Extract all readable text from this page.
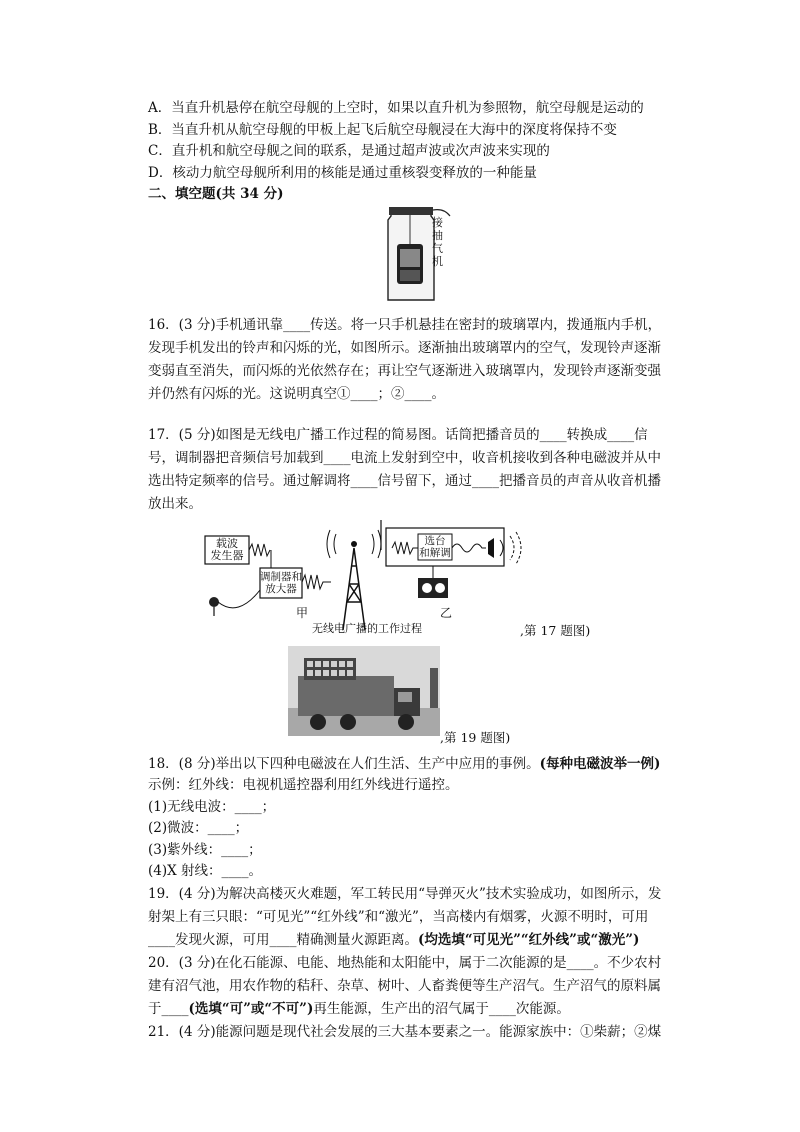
A．当直升机悬停在航空母舰的上空时，如果以直升机为参照物，航空母舰是运动的

B．当直升机从航空母舰的甲板上起飞后航空母舰浸在大海中的深度将保持不变

C．直升机和航空母舰之间的联系，是通过超声波或次声波来实现的

D．核动力航空母舰所利用的核能是通过重核裂变释放的一种能量

二、填空题(共 34 分)

接
抽
气
机

16．(3 分)手机通讯靠____传送。将一只手机悬挂在密封的玻璃罩内，拨通瓶内手机，发现手机发出的铃声和闪烁的光，如图所示。逐渐抽出玻璃罩内的空气，发现铃声逐渐变弱直至消失，而闪烁的光依然存在；再让空气逐渐进入玻璃罩内，发现铃声逐渐变强并仍然有闪烁的光。这说明真空①____；②____。

17．(5 分)如图是无线电广播工作过程的简易图。话筒把播音员的____转换成____信号，调制器把音频信号加载到____电流上发射到空中，收音机接收到各种电磁波并从中选出特定频率的信号。通过解调将____信号留下，通过____把播音员的声音从收音机播放出来。

载波
发生器
调制器和
放大器
选台
和解调
甲	乙
无线电广播的工作过程	,第 17 题图)
,第 19 题图)

18．(8 分)举出以下四种电磁波在人们生活、生产中应用的事例。(每种电磁波举一例)

示例：红外线：电视机遥控器利用红外线进行遥控。

(1)无线电波：____；

(2)微波：____；

(3)紫外线：____；

(4)X 射线：____。

19．(4 分)为解决高楼灭火难题，军工转民用“导弹灭火”技术实验成功，如图所示，发射架上有三只眼：“可见光”“红外线”和“激光”，当高楼内有烟雾，火源不明时，可用____发现火源，可用____精确测量火源距离。(均选填“可见光”“红外线”或“激光”)

20．(3 分)在化石能源、电能、地热能和太阳能中，属于二次能源的是____。不少农村建有沼气池，用农作物的秸秆、杂草、树叶、人畜粪便等生产沼气。生产沼气的原料属于____(选填“可”或“不可”)再生能源，生产出的沼气属于____次能源。

21．(4 分)能源问题是现代社会发展的三大基本要素之一。能源家族中：①柴薪；②煤
